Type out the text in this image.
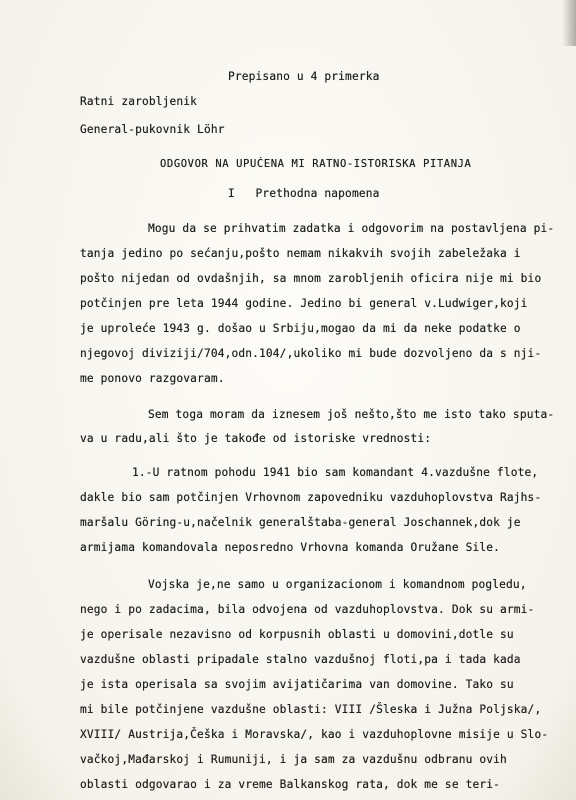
Prepisano u 4 primerka
Ratni zarobljenik
General-pukovnik Löhr
ODGOVOR NA UPUĆENA MI RATNO-ISTORISKA PITANJA
I   Prethodna napomena
Mogu da se prihvatim zadatka i odgovorim na postavljena pi-
tanja jedino po sećanju,pošto nemam nikakvih svojih zabeležaka i
pošto nijedan od ovdašnjih, sa mnom zarobljenih oficira nije mi bio
potčinjen pre leta 1944 godine. Jedino bi general v.Ludwiger,koji
je uproleće 1943 g. došao u Srbiju,mogao da mi da neke podatke o
njegovoj diviziji/704,odn.104/,ukoliko mi bude dozvoljeno da s nji-
me ponovo razgovaram.
Sem toga moram da iznesem još nešto,što me isto tako sputa-
va u radu,ali što je takođe od istoriske vrednosti:
1.-U ratnom pohodu 1941 bio sam komandant 4.vazdušne flote,
dakle bio sam potčinjen Vrhovnom zapovedniku vazduhoplovstva Rajhs-
maršalu Göring-u,načelnik generalštaba-general Joschannek,dok je
armijama komandovala neposredno Vrhovna komanda Oružane Sile.
Vojska je,ne samo u organizacionom i komandnom pogledu,
nego i po zadacima, bila odvojena od vazduhoplovstva. Dok su armi-
je operisale nezavisno od korpusnih oblasti u domovini,dotle su
vazdušne oblasti pripadale stalno vazdušnoj floti,pa i tada kada
je ista operisala sa svojim avijatičarima van domovine. Tako su
mi bile potčinjene vazdušne oblasti: VIII /Šleska i Južna Poljska/,
XVIII/ Austrija,Češka i Moravska/, kao i vazduhoplovne misije u Slo-
vačkoj,Mađarskoj i Rumuniji, i ja sam za vazdušnu odbranu ovih
oblasti odgovarao i za vreme Balkanskog rata, dok me se teri-
